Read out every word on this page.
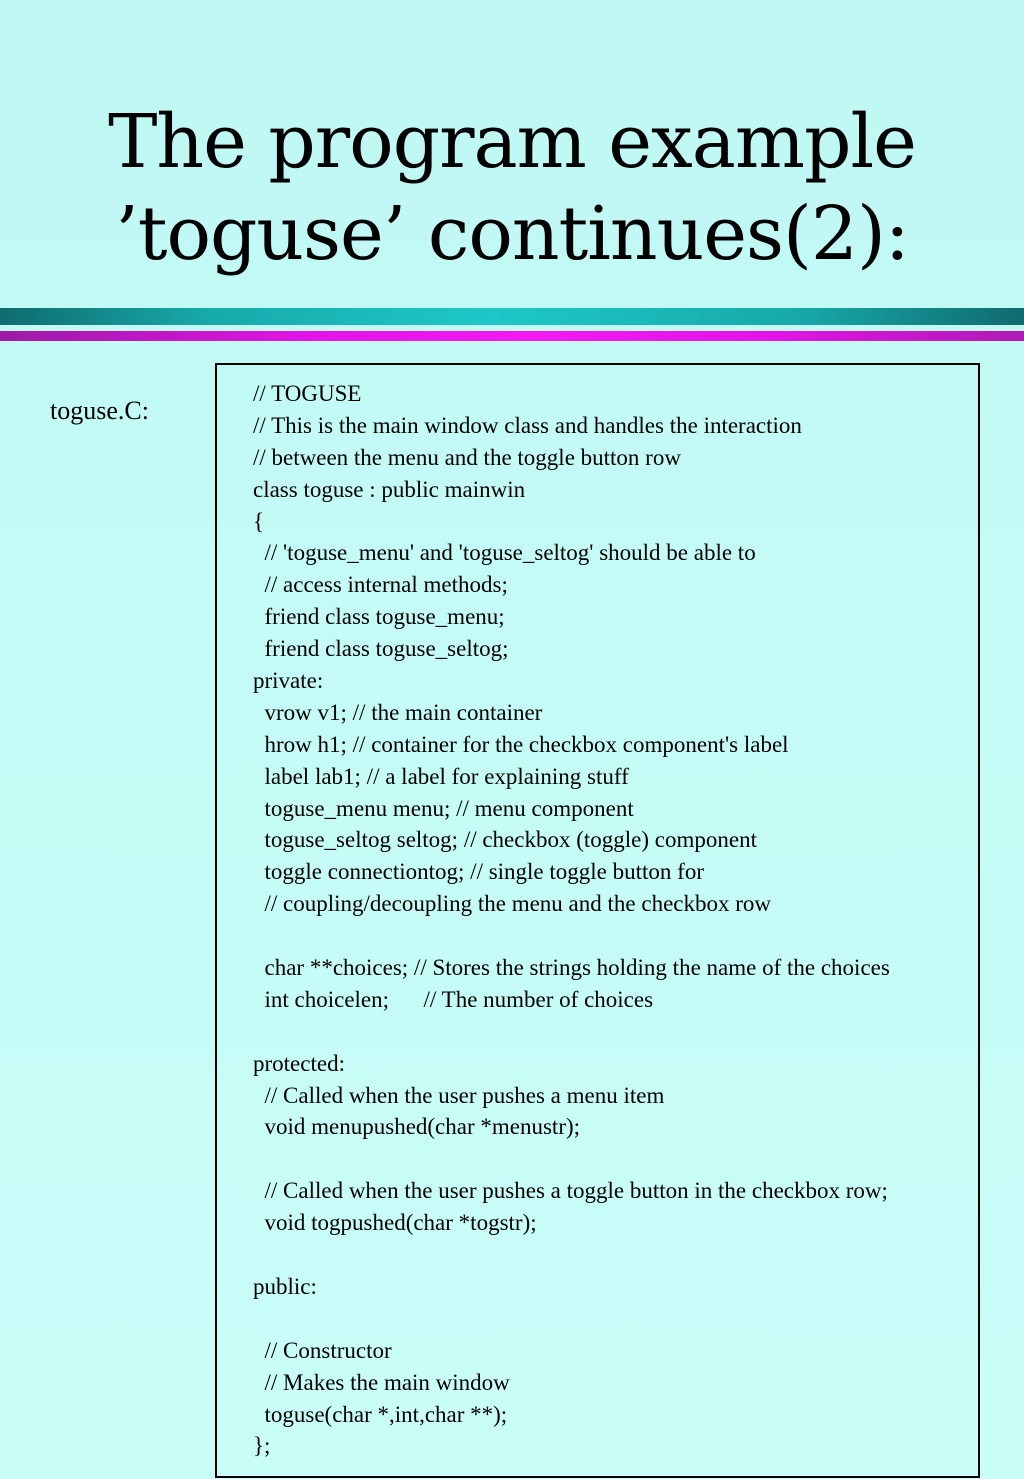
The program example
’toguse’ continues(2):
toguse.C:
// TOGUSE
// This is the main window class and handles the interaction
// between the menu and the toggle button row
class toguse : public mainwin
{
// 'toguse_menu' and 'toguse_seltog' should be able to
// access internal methods;
friend class toguse_menu;
friend class toguse_seltog;
private:
vrow v1; // the main container
hrow h1; // container for the checkbox component's label
label lab1; // a label for explaining stuff
toguse_menu menu; // menu component
toguse_seltog seltog; // checkbox (toggle) component
toggle connectiontog; // single toggle button for
// coupling/decoupling the menu and the checkbox row
char **choices; // Stores the strings holding the name of the choices
int choicelen;      // The number of choices
protected:
// Called when the user pushes a menu item
void menupushed(char *menustr);
// Called when the user pushes a toggle button in the checkbox row;
void togpushed(char *togstr);
public:
// Constructor
// Makes the main window
toguse(char *,int,char **);
};
